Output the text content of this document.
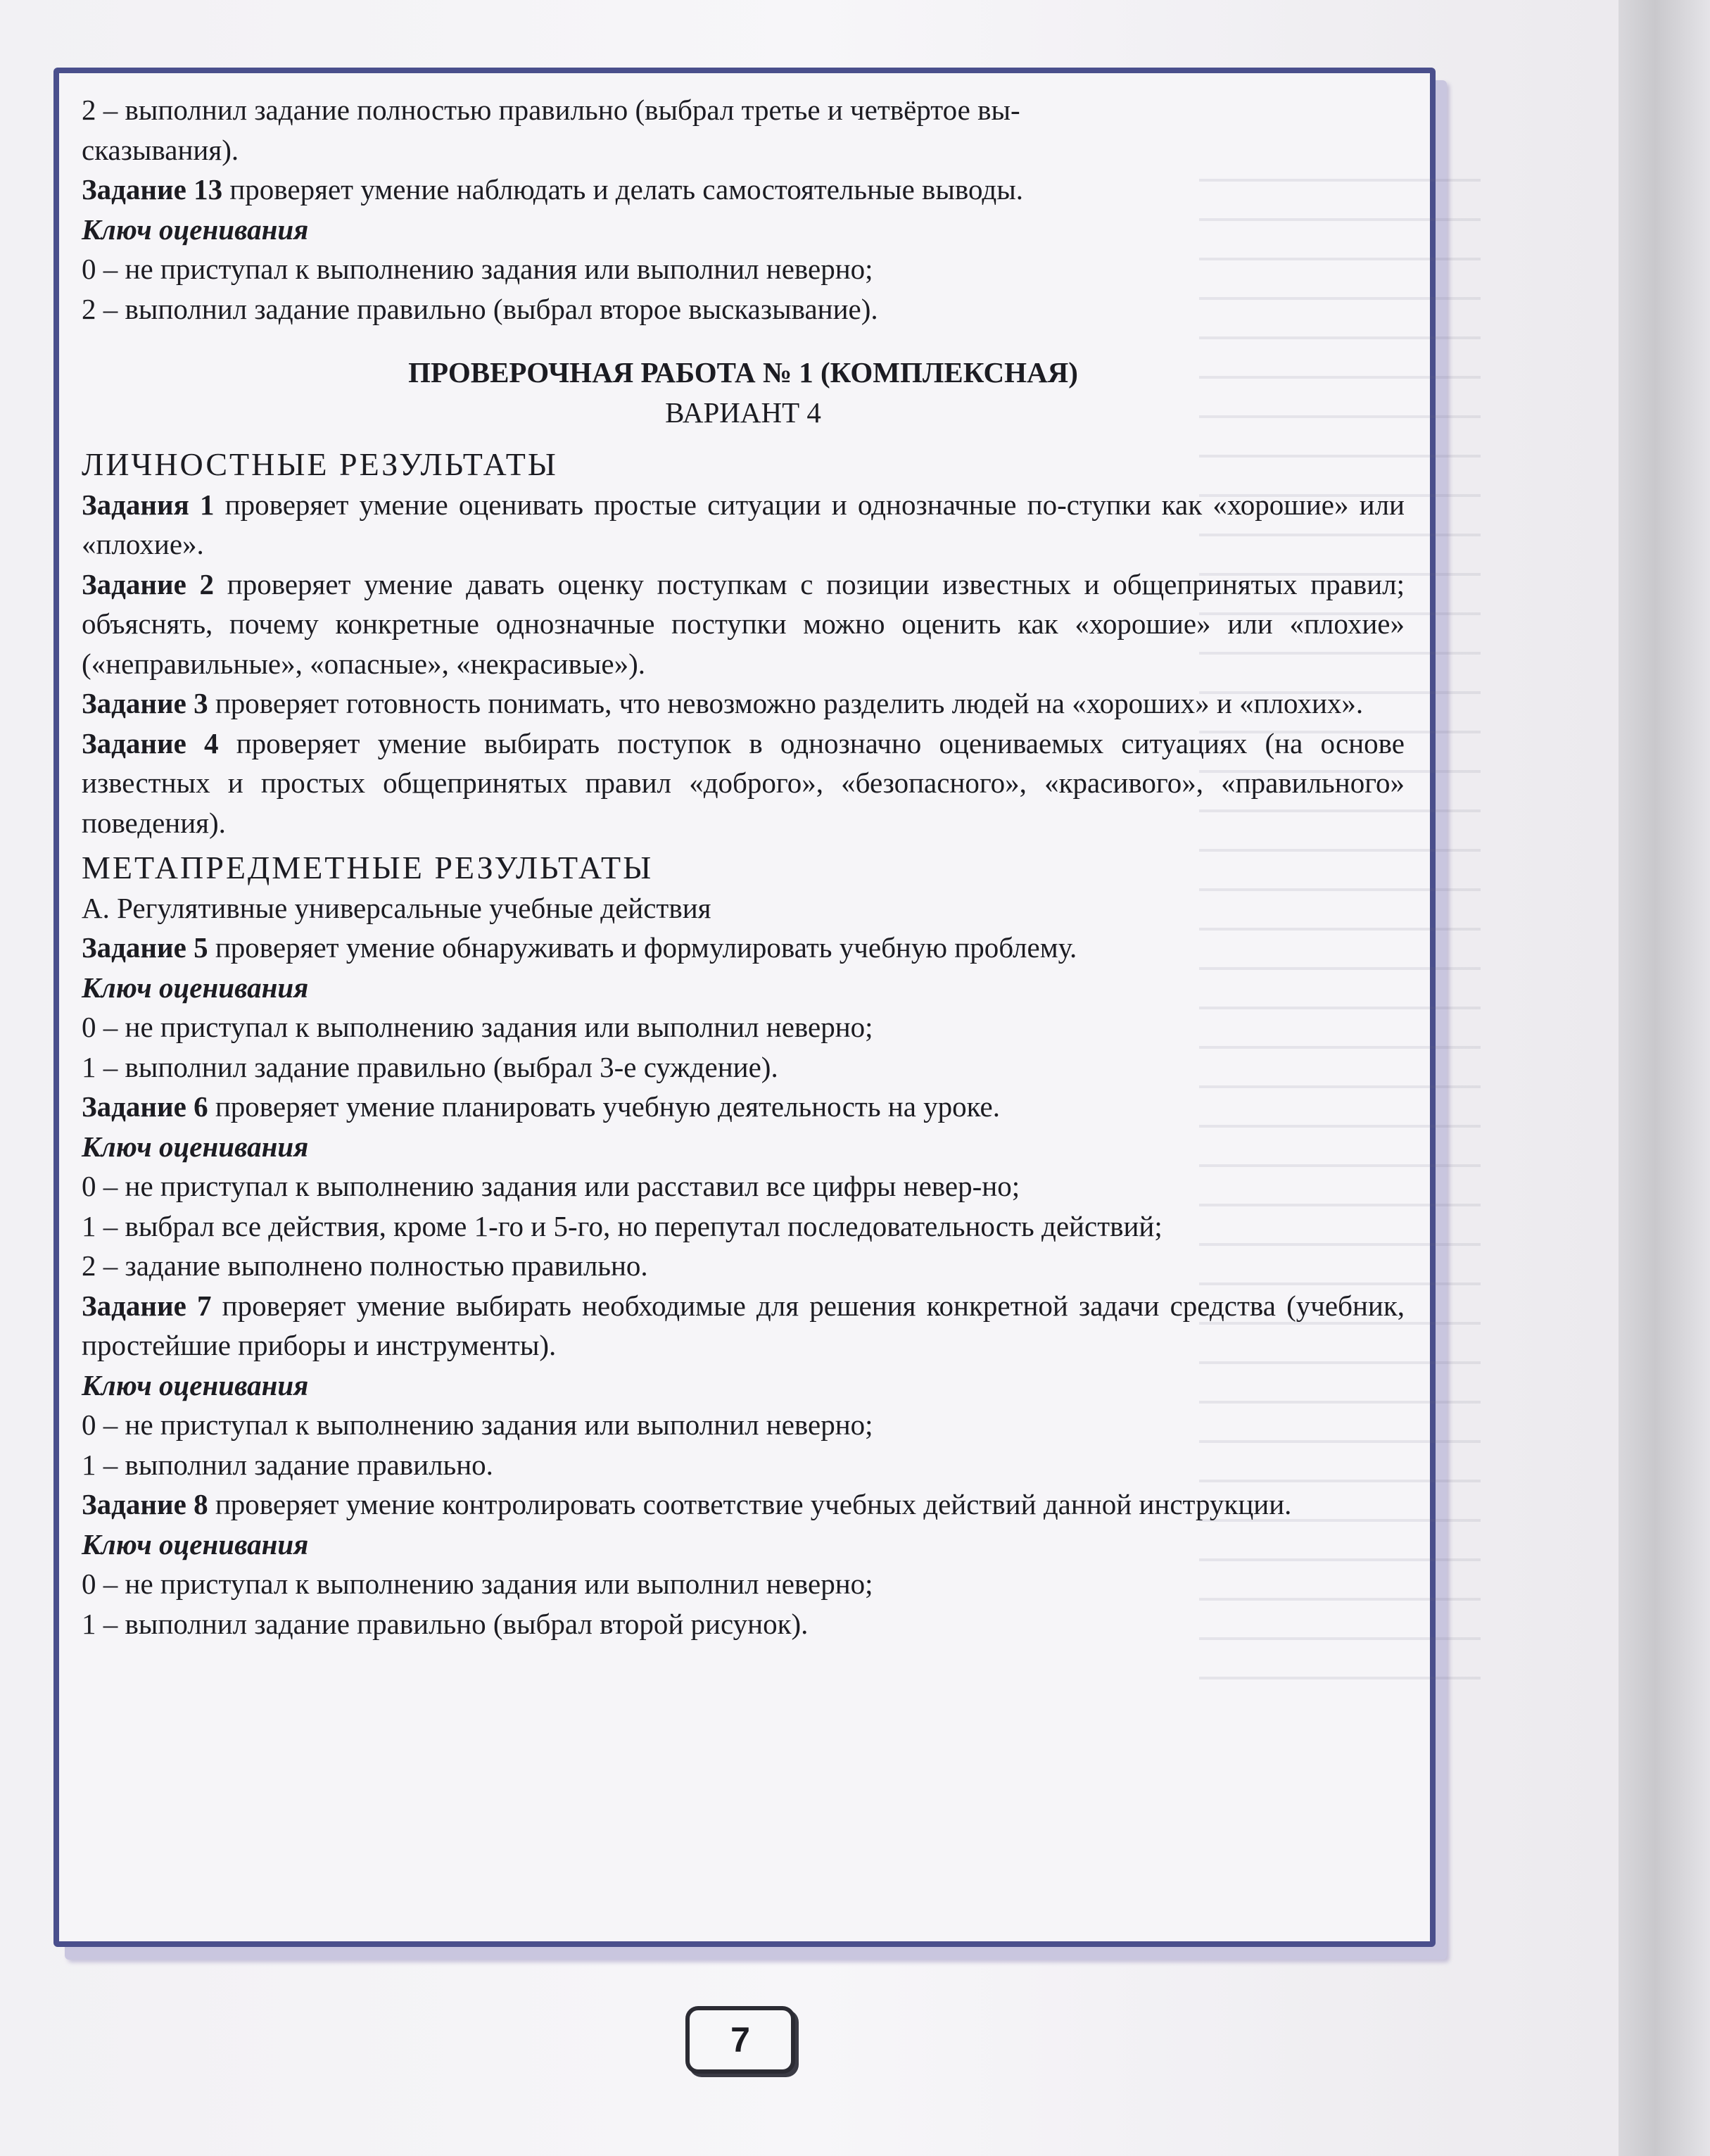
2 – выполнил задание полностью правильно (выбрал третье и четвёртое вы-
сказывания).

Задание 13 проверяет умение наблюдать и делать самостоятельные выводы.

Ключ оценивания
0 – не приступал к выполнению задания или выполнил неверно;
2 – выполнил задание правильно (выбрал второе высказывание).
ПРОВЕРОЧНАЯ РАБОТА № 1 (КОМПЛЕКСНАЯ)
ВАРИАНТ 4
ЛИЧНОСТНЫЕ РЕЗУЛЬТАТЫ

Задания 1 проверяет умение оценивать простые ситуации и однозначные по-ступки как «хорошие» или «плохие».

Задание 2 проверяет умение давать оценку поступкам с позиции известных и общепринятых правил; объяснять, почему конкретные однозначные поступки можно оценить как «хорошие» или «плохие» («неправильные», «опасные», «некрасивые»).

Задание 3 проверяет готовность понимать, что невозможно разделить людей на «хороших» и «плохих».

Задание 4 проверяет умение выбирать поступок в однозначно оцениваемых ситуациях (на основе известных и простых общепринятых правил «доброго», «безопасного», «красивого», «правильного» поведения).

МЕТАПРЕДМЕТНЫЕ РЕЗУЛЬТАТЫ
А. Регулятивные универсальные учебные действия

Задание 5 проверяет умение обнаруживать и формулировать учебную проблему.

Ключ оценивания
0 – не приступал к выполнению задания или выполнил неверно;
1 – выполнил задание правильно (выбрал 3-е суждение).

Задание 6 проверяет умение планировать учебную деятельность на уроке.

Ключ оценивания
0 – не приступал к выполнению задания или расставил все цифры невер-но;
1 – выбрал все действия, кроме 1-го и 5-го, но перепутал последовательность действий;
2 – задание выполнено полностью правильно.

Задание 7 проверяет умение выбирать необходимые для решения конкретной задачи средства (учебник, простейшие приборы и инструменты).

Ключ оценивания
0 – не приступал к выполнению задания или выполнил неверно;
1 – выполнил задание правильно.

Задание 8 проверяет умение контролировать соответствие учебных действий данной инструкции.

Ключ оценивания
0 – не приступал к выполнению задания или выполнил неверно;
1 – выполнил задание правильно (выбрал второй рисунок).
7
